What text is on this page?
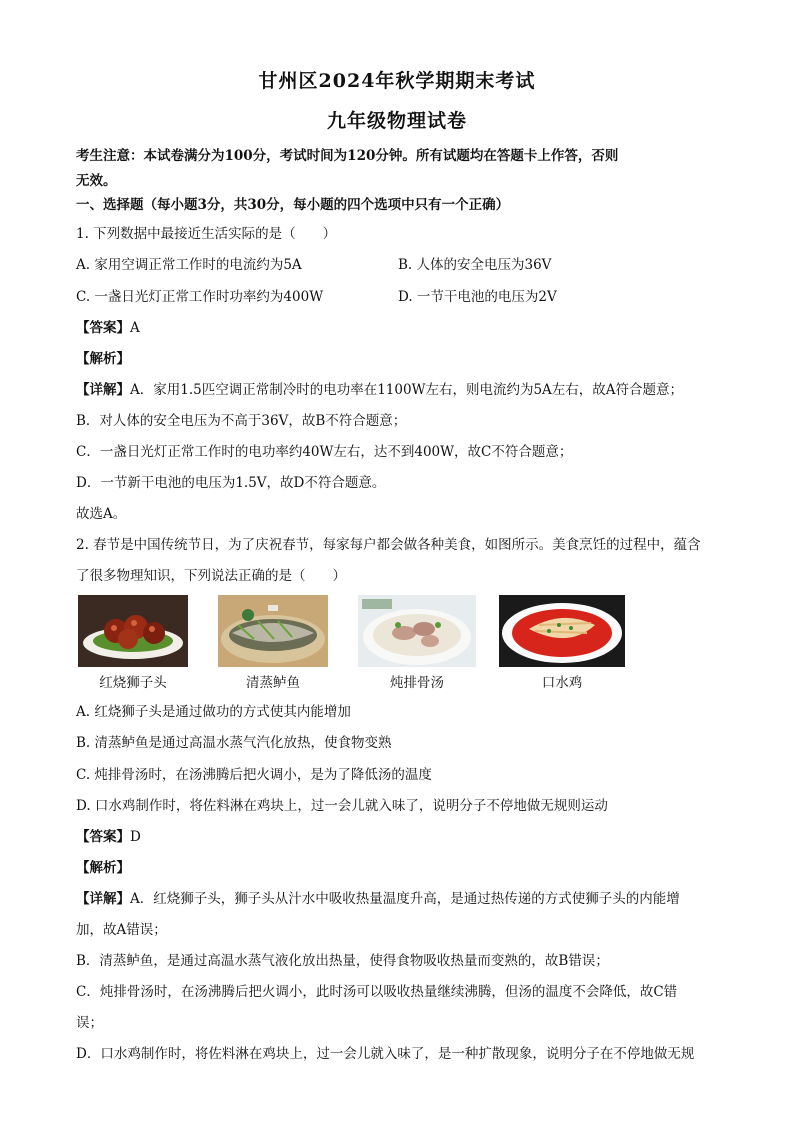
甘州区2024年秋学期期末考试
九年级物理试卷
考生注意：本试卷满分为100分，考试时间为120分钟。所有试题均在答题卡上作答，否则
无效。
一、选择题（每小题3分，共30分，每小题的四个选项中只有一个正确）
1. 下列数据中最接近生活实际的是（　　）
A. 家用空调正常工作时的电流约为5A	B. 人体的安全电压为36V
C. 一盏日光灯正常工作时功率约为400W	D. 一节干电池的电压为2V
【答案】A
【解析】
【详解】A．家用1.5匹空调正常制冷时的电功率在1100W左右，则电流约为5A左右，故A符合题意；
B．对人体的安全电压为不高于36V，故B不符合题意；
C．一盏日光灯正常工作时的电功率约40W左右，达不到400W，故C不符合题意；
D．一节新干电池的电压为1.5V，故D不符合题意。
故选A。
2. 春节是中国传统节日，为了庆祝春节，每家每户都会做各种美食，如图所示。美食烹饪的过程中，蕴含
了很多物理知识，下列说法正确的是（　　）
红烧狮子头	清蒸鲈鱼	炖排骨汤	口水鸡
A. 红烧狮子头是通过做功的方式使其内能增加
B. 清蒸鲈鱼是通过高温水蒸气汽化放热，使食物变熟
C. 炖排骨汤时，在汤沸腾后把火调小，是为了降低汤的温度
D. 口水鸡制作时，将佐料淋在鸡块上，过一会儿就入味了，说明分子不停地做无规则运动
【答案】D
【解析】
【详解】A．红烧狮子头，狮子头从汁水中吸收热量温度升高，是通过热传递的方式使狮子头的内能增
加，故A错误；
B．清蒸鲈鱼，是通过高温水蒸气液化放出热量，使得食物吸收热量而变熟的，故B错误；
C．炖排骨汤时，在汤沸腾后把火调小，此时汤可以吸收热量继续沸腾，但汤的温度不会降低，故C错
误；
D．口水鸡制作时，将佐料淋在鸡块上，过一会儿就入味了，是一种扩散现象，说明分子在不停地做无规
